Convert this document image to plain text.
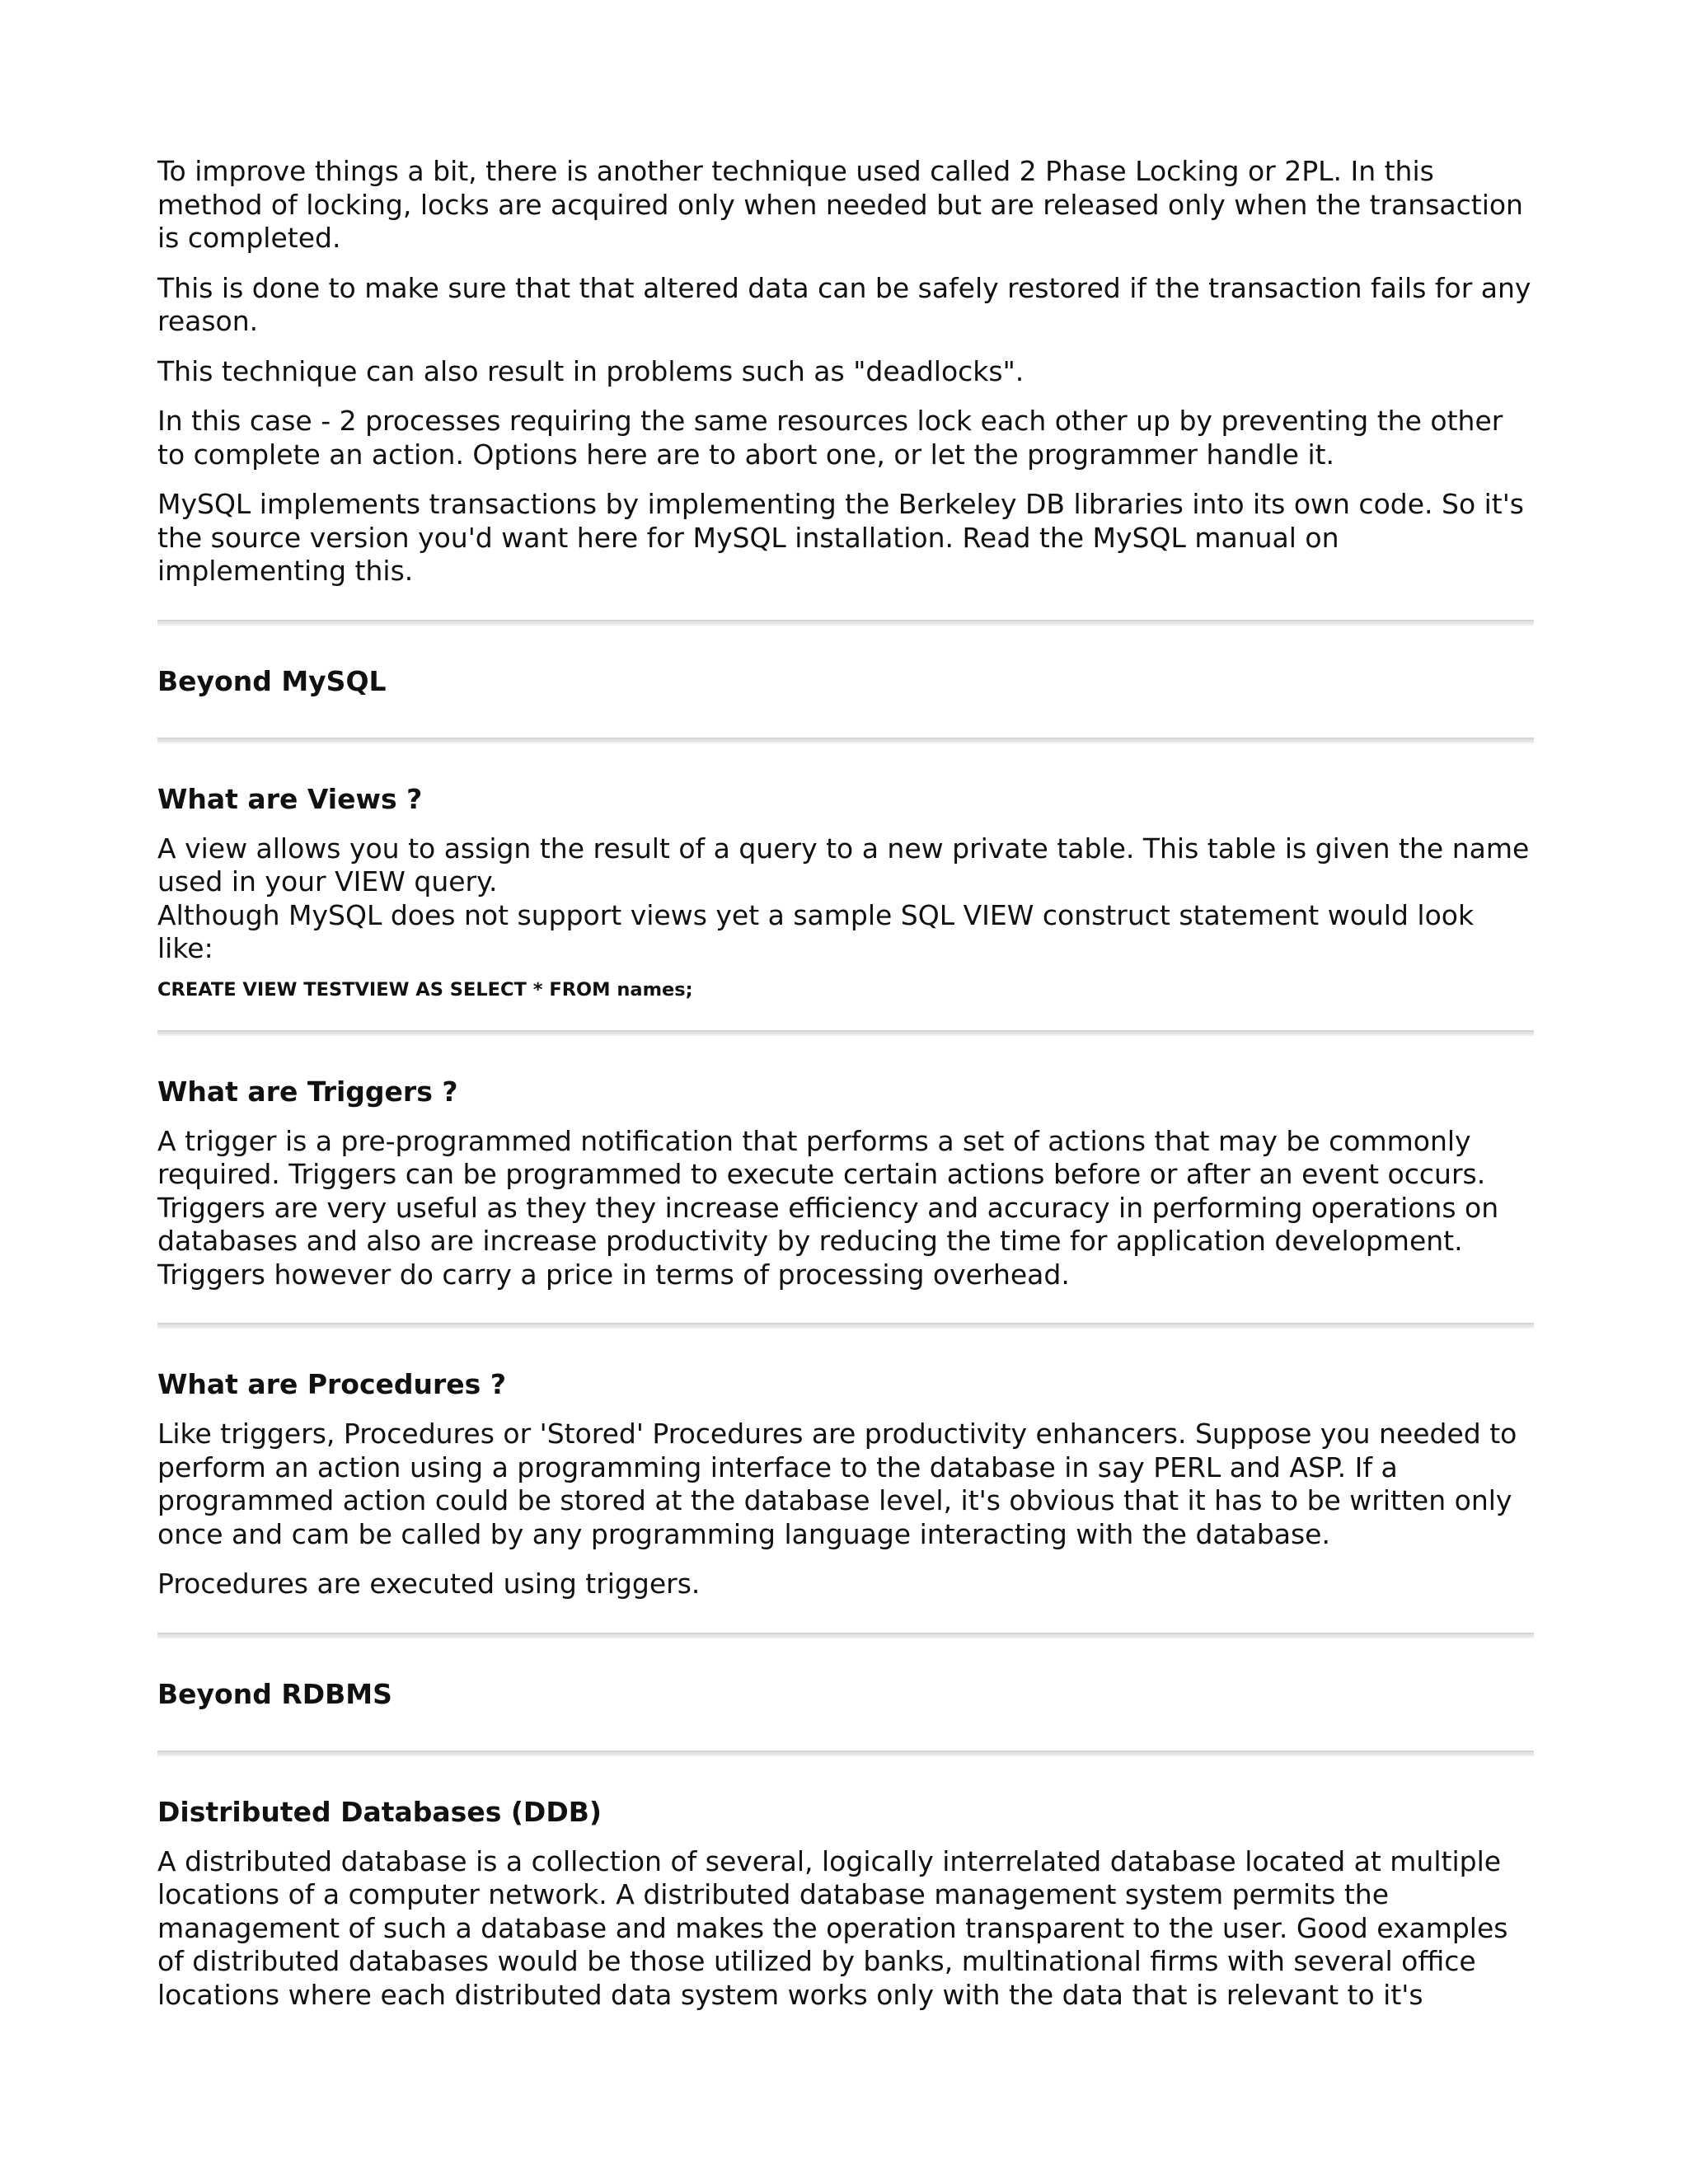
To improve things a bit, there is another technique used called 2 Phase Locking or 2PL. In this method of locking, locks are acquired only when needed but are released only when the transaction is completed.

This is done to make sure that that altered data can be safely restored if the transaction fails for any reason.

This technique can also result in problems such as "deadlocks".

In this case - 2 processes requiring the same resources lock each other up by preventing the other to complete an action. Options here are to abort one, or let the programmer handle it.

MySQL implements transactions by implementing the Berkeley DB libraries into its own code. So it's the source version you'd want here for MySQL installation. Read the MySQL manual on implementing this.

Beyond MySQL
What are Views ?

A view allows you to assign the result of a query to a new private table. This table is given the name used in your VIEW query.

Although MySQL does not support views yet a sample SQL VIEW construct statement would look like:

CREATE VIEW TESTVIEW AS SELECT * FROM names;
What are Triggers ?

A trigger is a pre-programmed notification that performs a set of actions that may be commonly required. Triggers can be programmed to execute certain actions before or after an event occurs. Triggers are very useful as they they increase efficiency and accuracy in performing operations on databases and also are increase productivity by reducing the time for application development. Triggers however do carry a price in terms of processing overhead.

What are Procedures ?

Like triggers, Procedures or 'Stored' Procedures are productivity enhancers. Suppose you needed to perform an action using a programming interface to the database in say PERL and ASP. If a programmed action could be stored at the database level, it's obvious that it has to be written only once and cam be called by any programming language interacting with the database.

Procedures are executed using triggers.

Beyond RDBMS
Distributed Databases (DDB)

A distributed database is a collection of several, logically interrelated database located at multiple locations of a computer network. A distributed database management system permits the management of such a database and makes the operation transparent to the user. Good examples of distributed databases would be those utilized by banks, multinational firms with several office locations where each distributed data system works only with the data that is relevant to it's
